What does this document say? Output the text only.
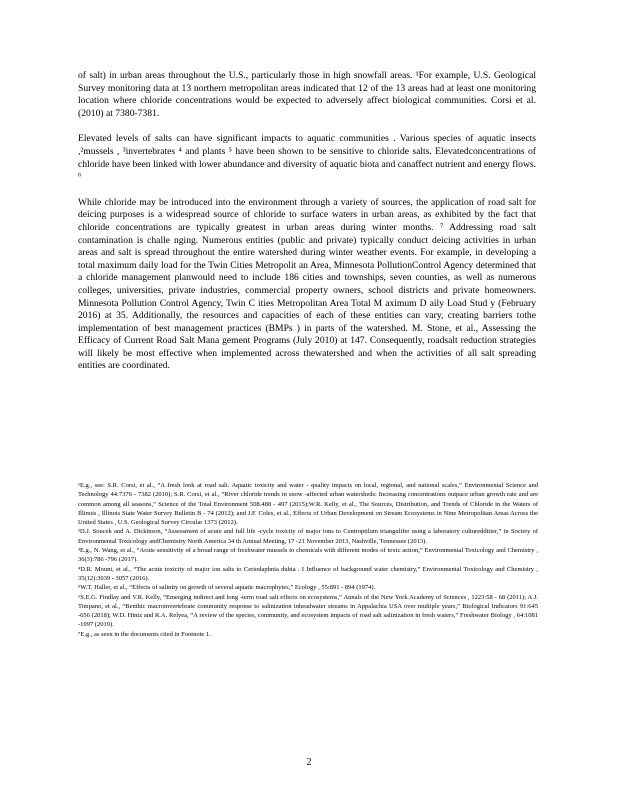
of salt) in urban areas throughout the U.S., particularly those in high snowfall areas. ¹For example, U.S. Geological Survey monitoring data at 13 northern metropolitan areas indicated that 12 of the 13 areas had at least one monitoring location where chloride concentrations would be expected to adversely affect biological communities. Corsi et al. (2010) at 7380-7381.

Elevated levels of salts can have significant impacts to aquatic communities . Various species of aquatic insects ,²mussels , ³invertebrates ⁴ and plants ⁵ have been shown to be sensitive to chloride salts. Elevatedconcentrations of chloride have been linked with lower abundance and diversity of aquatic biota and canaffect nutrient and energy flows. ⁶

While chloride may be introduced into the environment through a variety of sources, the application of road salt for deicing purposes is a widespread source of chloride to surface waters in urban areas, as exhibited by the fact that chloride concentrations are typically greatest in urban areas during winter months. ⁷ Addressing road salt contamination is challe nging. Numerous entities (public and private) typically conduct deicing activities in urban areas and salt is spread throughout the entire watershed during winter weather events. For example, in developing a total maximum daily load for the Twin Cities Metropolit an Area, Minnesota PollutionControl Agency determined that a chloride management planwould need to include 186 cities and townships, seven counties, as well as numerous colleges, universities, private industries, commercial property owners, school districts and private homeowners. Minnesota Pollution Control Agency, Twin C ities Metropolitan Area Total M aximum D aily Load Stud y (February 2016) at 35. Additionally, the resources and capacities of each of these entities can vary, creating barriers tothe implementation of best management practices (BMPs ) in parts of the watershed. M. Stone, et al., Assessing the Efficacy of Current Road Salt Mana gement Programs (July 2010) at 147. Consequently, roadsalt reduction strategies will likely be most effective when implemented across thewatershed and when the activities of all salt spreading entities are coordinated.

¹E.g., see: S.R. Corsi, et al., “A fresh look at road salt. Aquatic toxicity and water - quality impacts on local, regional, and national scales,” Environmental Science and Technology 44:7376 - 7382 (2010); S.R. Corsi, et al., “River chloride trends in snow -affected urban watersheds: Increasing concentrations outpace urban growth rate and are common among all seasons,” Science of the Total Environment 508.488 - 497 (2015);W.R. Kelly, et al., The Sources, Distribution, and Trends of Chloride in the Waters of Illinois , Illinois State Water Survey Bulletin B - 74 (2012); and J.F. Coles, et al., Effects of Urban Development on Stream Ecosystems in Nine Metropolitan Areas Across the United States , U.S. Geological Survey Circular 1373 (2012).

²D.J. Soucek and A. Dickinson, “Assessment of acute and full life -cycle toxicity of major ions to Centroptilum triangulifer using a laboratory culturedditier,” in Society of Environmental Toxicology andChemistry North America 34 th Annual Meeting, 17 -21 November 2013, Nashville, Tennessee (2013).

³E.g., N. Wang, et al., “Acute sensitivity of a broad range of freshwater mussels to chemicals with different modes of toxic action,” Environmental Toxicology and Chemistry , 36(3):786 -796 (2017).

⁴D.R. Mount, et al., “The acute toxicity of major ion salts to Ceriodaphnia dubia . I Influence of background water chemistry,” Environmental Toxicology and Chemistry , 35(12):3039 - 3057 (2016).

⁵W.T. Haller, et al., “Effects of salinity on growth of several aquatic macrophytes,” Ecology , 55:891 - 894 (1974).

⁶S.E.G. Findlay and V.R. Kelly, “Emerging indirect and long -term road salt effects on ecosystems,” Annals of the New York Academy of Sciences , 1223:58 - 68 (2011); A.J. Timpano, et al., “Benthic macroinvertebrate community response to salinization inheadwater streams in Appalachia USA over multiple years,” Biological Indicators 91:645 -656 (2018); W.D. Hintz and R.A. Relyea, “A review of the species, community, and ecosystem impacts of road salt salinization in fresh waters,” Freshwater Biology , 64:1081 -1097 (2019).

⁷E.g., as seen in the documents cited in Footnote 1.

2
